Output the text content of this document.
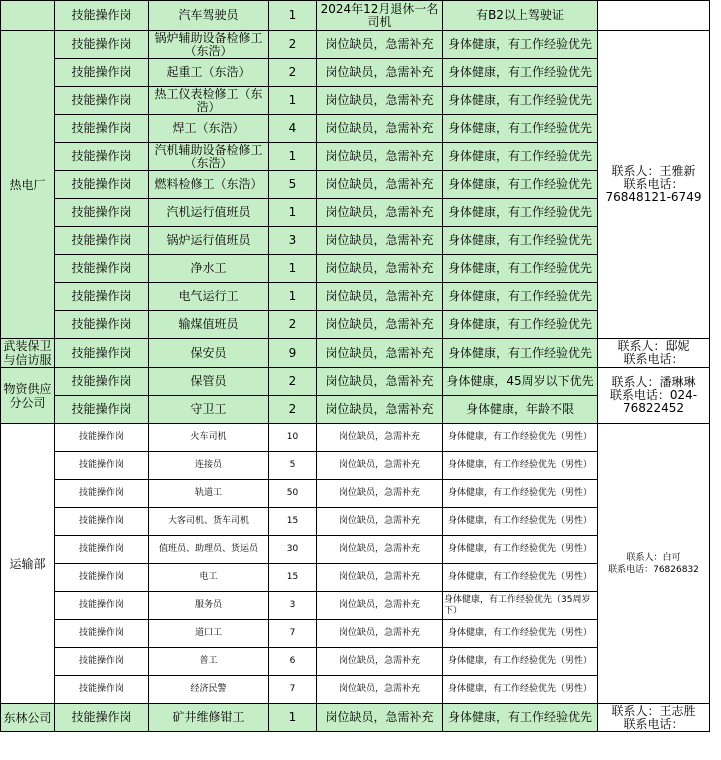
	技能操作岗	汽车驾驶员	1	2024年12月退休一名司机	有B2以上驾驶证	
热电厂	技能操作岗	锅炉辅助设备检修工（东浩）	2	岗位缺员，急需补充	身体健康，有工作经验优先	联系人：王雅新
联系电话：
76848121-6749

	技能操作岗	起重工（东浩）	2	岗位缺员，急需补充	身体健康，有工作经验优先	
	技能操作岗	热工仪表检修工（东浩）	1	岗位缺员，急需补充	身体健康，有工作经验优先	
	技能操作岗	焊工（东浩）	4	岗位缺员，急需补充	身体健康，有工作经验优先	
	技能操作岗	汽机辅助设备检修工（东浩）	1	岗位缺员，急需补充	身体健康，有工作经验优先	
	技能操作岗	燃料检修工（东浩）	5	岗位缺员，急需补充	身体健康，有工作经验优先	
	技能操作岗	汽机运行值班员	1	岗位缺员，急需补充	身体健康，有工作经验优先	
	技能操作岗	锅炉运行值班员	3	岗位缺员，急需补充	身体健康，有工作经验优先	
	技能操作岗	净水工	1	岗位缺员，急需补充	身体健康，有工作经验优先	
	技能操作岗	电气运行工	1	岗位缺员，急需补充	身体健康，有工作经验优先	
	技能操作岗	输煤值班员	2	岗位缺员，急需补充	身体健康，有工作经验优先	
武装保卫与信访服	技能操作岗	保安员	9	岗位缺员，急需补充	身体健康，有工作经验优先	联系人：邸妮
联系电话：

物资供应分公司	技能操作岗	保管员	2	岗位缺员，急需补充	身体健康，45周岁以下优先	联系人：潘琳琳
联系电话：024-
76822452

	技能操作岗	守卫工	2	岗位缺员，急需补充	身体健康，年龄不限	
运输部	技能操作岗	火车司机	10	岗位缺员，急需补充	身体健康，有工作经验优先（男性）	联系人：白可
联系电话：76826832

	技能操作岗	连接员	5	岗位缺员，急需补充	身体健康，有工作经验优先（男性）	
	技能操作岗	轨道工	50	岗位缺员，急需补充	身体健康，有工作经验优先（男性）	
	技能操作岗	大客司机、货车司机	15	岗位缺员，急需补充	身体健康，有工作经验优先（男性）	
	技能操作岗	值班员、助理员、货运员	30	岗位缺员，急需补充	身体健康，有工作经验优先（男性）	
	技能操作岗	电工	15	岗位缺员，急需补充	身体健康，有工作经验优先（男性）	
	技能操作岗	服务员	3	岗位缺员，急需补充	身体健康，有工作经验优先（35周岁下）	
	技能操作岗	道口工	7	岗位缺员，急需补充	身体健康，有工作经验优先（男性）	
	技能操作岗	普工	6	岗位缺员，急需补充	身体健康，有工作经验优先（男性）	
	技能操作岗	经济民警	7	岗位缺员，急需补充	身体健康，有工作经验优先（男性）	
东林公司	技能操作岗	矿井维修钳工	1	岗位缺员，急需补充	身体健康，有工作经验优先	联系人：王志胜
联系电话：
